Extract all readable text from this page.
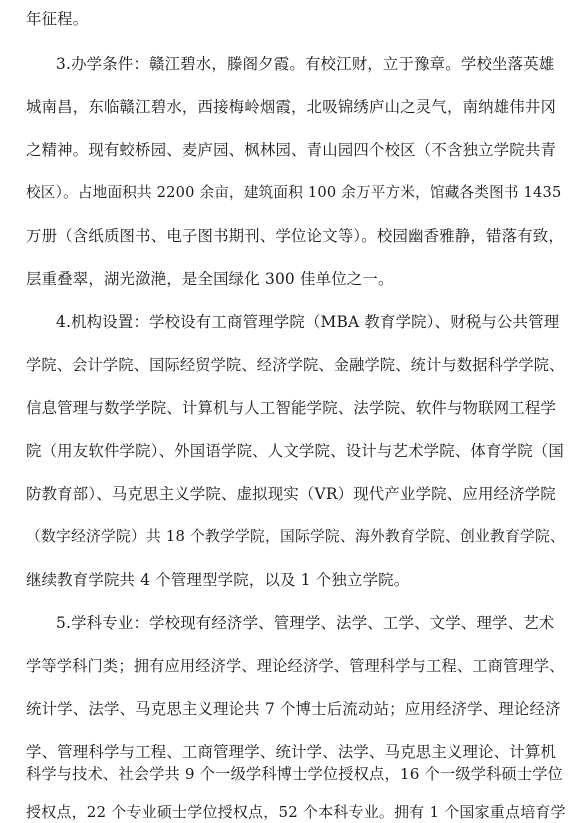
年征程。
3.办学条件：赣江碧水，滕阁夕霞。有校江财，立于豫章。学校坐落英雄
城南昌，东临赣江碧水，西接梅岭烟霞，北吸锦绣庐山之灵气，南纳雄伟井冈
之精神。现有蛟桥园、麦庐园、枫林园、青山园四个校区（不含独立学院共青
校区）。占地面积共 2200 余亩，建筑面积 100 余万平方米，馆藏各类图书 1435
万册（含纸质图书、电子图书期刊、学位论文等）。校园幽香雅静，错落有致，
层重叠翠，湖光潋滟，是全国绿化 300 佳单位之一。
4.机构设置：学校设有工商管理学院（MBA 教育学院）、财税与公共管理
学院、会计学院、国际经贸学院、经济学院、金融学院、统计与数据科学学院、
信息管理与数学学院、计算机与人工智能学院、法学院、软件与物联网工程学
院（用友软件学院）、外国语学院、人文学院、设计与艺术学院、体育学院（国
防教育部）、马克思主义学院、虚拟现实（VR）现代产业学院、应用经济学院
（数字经济学院）共 18 个教学学院，国际学院、海外教育学院、创业教育学院、
继续教育学院共 4 个管理型学院，以及 1 个独立学院。
5.学科专业：学校现有经济学、管理学、法学、工学、文学、理学、艺术
学等学科门类；拥有应用经济学、理论经济学、管理科学与工程、工商管理学、
统计学、法学、马克思主义理论共 7 个博士后流动站；应用经济学、理论经济
学、管理科学与工程、工商管理学、统计学、法学、马克思主义理论、计算机
科学与技术、社会学共 9 个一级学科博士学位授权点，16 个一级学科硕士学位
授权点，22 个专业硕士学位授权点，52 个本科专业。拥有 1 个国家重点培育学
